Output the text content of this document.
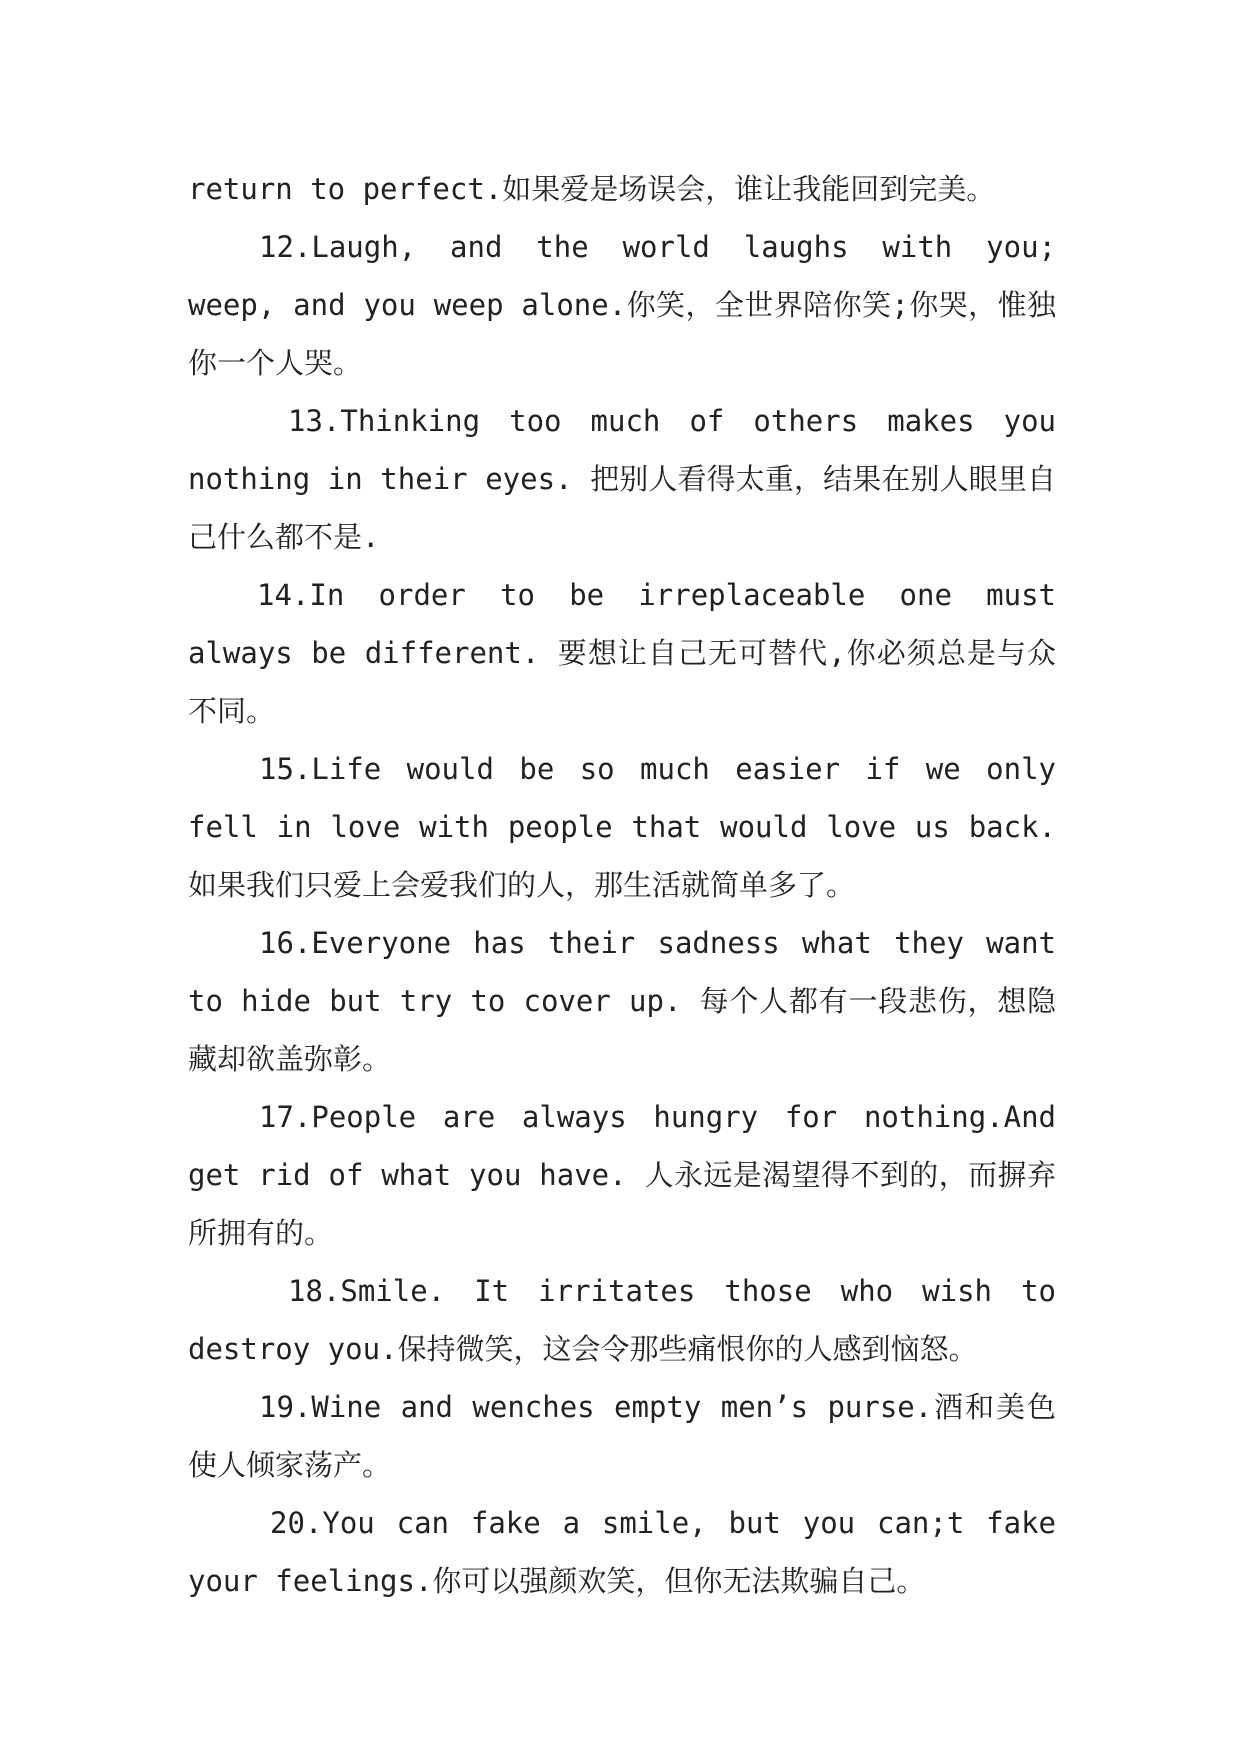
return to perfect.如果爱是场误会，谁让我能回到完美。

12.Laugh, and the world laughs with you; weep, and you weep alone.你笑，全世界陪你笑;你哭，惟独你一个人哭。

13.Thinking too much of others makes you nothing in their eyes. 把别人看得太重，结果在别人眼里自己什么都不是.

14.In order to be irreplaceable one must always be different. 要想让自己无可替代,你必须总是与众不同。

15.Life would be so much easier if we only fell in love with people that would love us back. 如果我们只爱上会爱我们的人，那生活就简单多了。

16.Everyone has their sadness what they want to hide but try to cover up. 每个人都有一段悲伤，想隐藏却欲盖弥彰。

17.People are always hungry for nothing.And get rid of what you have. 人永远是渴望得不到的，而摒弃所拥有的。

18.Smile. It irritates those who wish to destroy you.保持微笑，这会令那些痛恨你的人感到恼怒。

19.Wine and wenches empty men’s purse.酒和美色使人倾家荡产。

20.You can fake a smile, but you can;t fake your feelings.你可以强颜欢笑，但你无法欺骗自己。
